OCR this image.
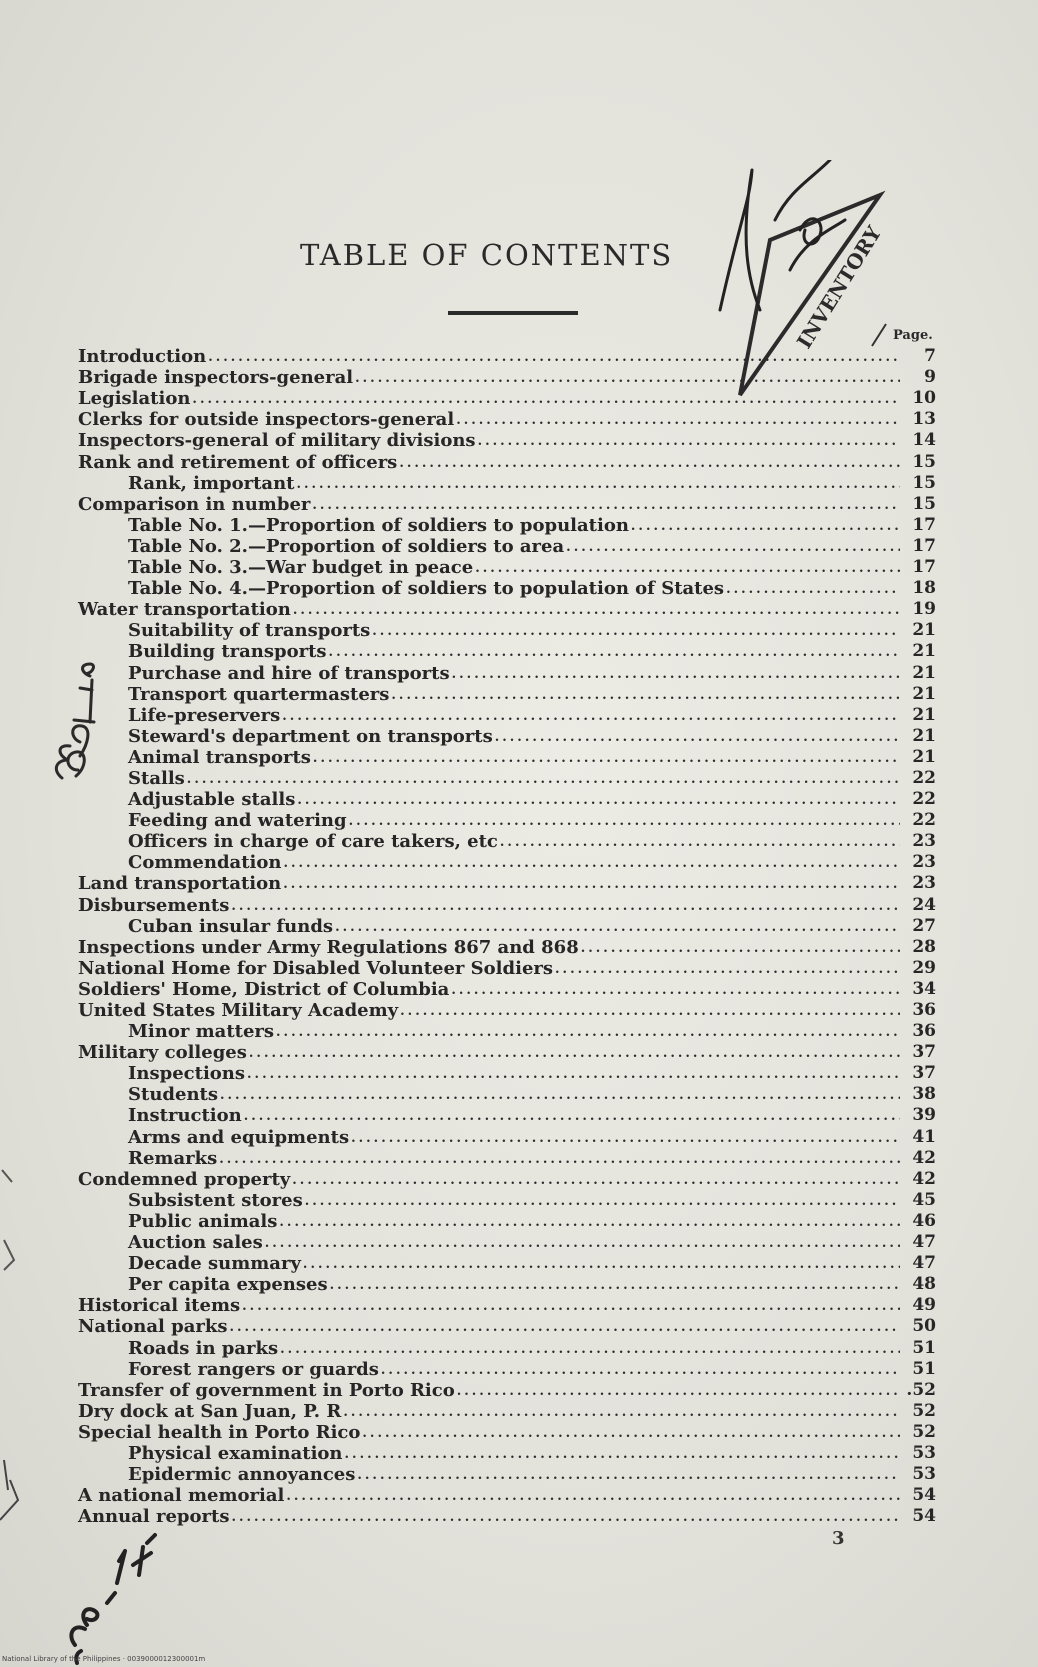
TABLE OF CONTENTS	INVENTORY Page.
Introduction .....	7
Brigade inspectors-general .....	9
Legislation .....	10
Clerks for outside inspectors-general .....	13
Inspectors-general of military divisions .....	14
Rank and retirement of officers .....	15
Rank, important .....	15
Comparison in number .....	15
Table No. 1.—Proportion of soldiers to population .....	17
Table No. 2.—Proportion of soldiers to area .....	17
Table No. 3.—War budget in peace .....	17
Table No. 4.—Proportion of soldiers to population of States .....	18
Water transportation .....	19
Suitability of transports .....	21
Building transports .....	21
Purchase and hire of transports .....	21
Transport quartermasters .....	21
Life-preservers .....	21
Steward's department on transports .....	21
Animal transports .....	21
Stalls .....	22
Adjustable stalls .....	22
Feeding and watering .....	22
Officers in charge of care takers, etc .....	23
Commendation .....	23
Land transportation .....	23
Disbursements .....	24
Cuban insular funds .....	27
Inspections under Army Regulations 867 and 868 .....	28
National Home for Disabled Volunteer Soldiers .....	29
Soldiers' Home, District of Columbia .....	34
United States Military Academy .....	36
Minor matters .....	36
Military colleges .....	37
Inspections .....	37
Students .....	38
Instruction .....	39
Arms and equipments .....	41
Remarks .....	42
Condemned property .....	42
Subsistent stores .....	45
Public animals .....	46
Auction sales .....	47
Decade summary .....	47
Per capita expenses .....	48
Historical items .....	49
National parks .....	50
Roads in parks .....	51
Forest rangers or guards .....	51
Transfer of government in Porto Rico .....	.52
Dry dock at San Juan, P. R .....	52
Special health in Porto Rico .....	52
Physical examination .....	53
Epidermic annoyances .....	53
A national memorial .....	54
Annual reports .....	54
3
National Library of the Philippines · 0039000012300001m
